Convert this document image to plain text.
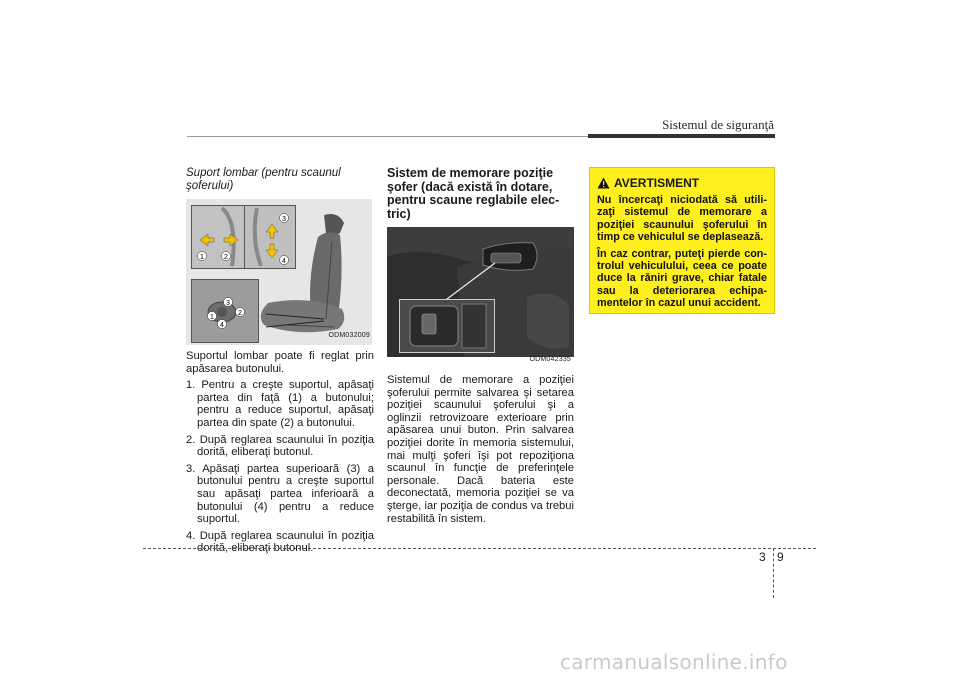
Sistemul de siguranţă

Suport lombar (pentru scaunul şoferului)

1	2
3
4
2
3
1
4
ODM032009

Suportul lombar poate fi reglat prin apăsarea butonului.

1. Pentru a creşte suportul, apăsaţi partea din faţă (1) a butonului; pentru a reduce suportul, apăsaţi partea din spate (2) a butonului.
2. După reglarea scaunului în poziţia dorită, eliberaţi butonul.
3. Apăsaţi partea superioară (3) a butonului pentru a creşte suportul sau apăsaţi partea inferioară a butonului (4) pentru a reduce suportul.
4. După reglarea scaunului în poziţia dorită, eliberaţi butonul.

Sistem de memorare poziţie şofer (dacă există în dotare, pentru scaune reglabile elec-tric)

ODM042335

Sistemul de memorare a poziţiei şoferului permite salvarea şi setarea poziţiei scaunului şoferului şi a oglinzii retrovizoare exterioare prin apăsarea unui buton. Prin salvarea poziţiei dorite în memoria sistemului, mai mulţi şoferi îşi pot repoziţiona scaunul în funcţie de preferinţele personale. Dacă bateria este deconectată, memoria poziţiei se va şterge, iar poziţia de condus va trebui restabilită în sistem.

AVERTISMENT

Nu încercaţi niciodată să utili-zaţi sistemul de memorare a poziţiei scaunului şoferului în timp ce vehiculul se deplasează.

În caz contrar, puteţi pierde con-trolul vehiculului, ceea ce poate duce la răniri grave, chiar fatale sau la deteriorarea echipa-mentelor în cazul unui accident.

3 9
carmanualsonline.info
